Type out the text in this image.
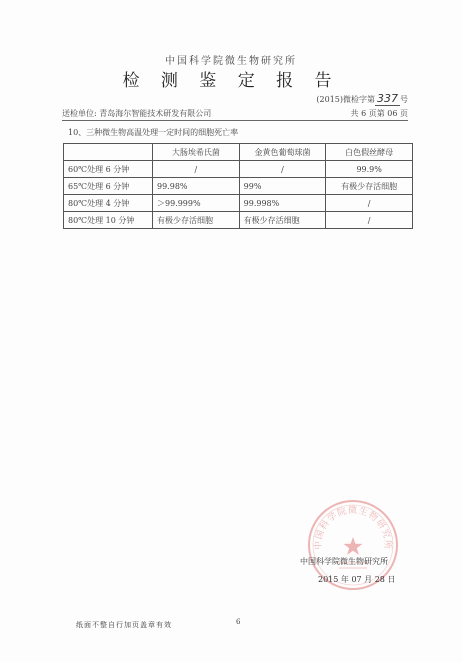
中国科学院微生物研究所
检 测 鉴 定 报 告
(2015)微检字第 337 号
送检单位: 青岛海尔智能技术研发有限公司	共 6 页第 06 页
10、三种微生物高温处理一定时间的细胞死亡率
	大肠埃希氏菌	金黄色葡萄球菌	白色假丝酵母
60℃处理 6 分钟	/	/	99.9%
65℃处理 6 分钟	99.98%	99%	有极少存活细胞
80℃处理 4 分钟	＞99.999%	99.998%	/
80℃处理 10 分钟	有极少存活细胞	有极少存活细胞	/
中国科学院微生物研究所
中国科学院微生物研究所
2015 年 07 月 28 日
纸面不整自行加页盖章有效	6
